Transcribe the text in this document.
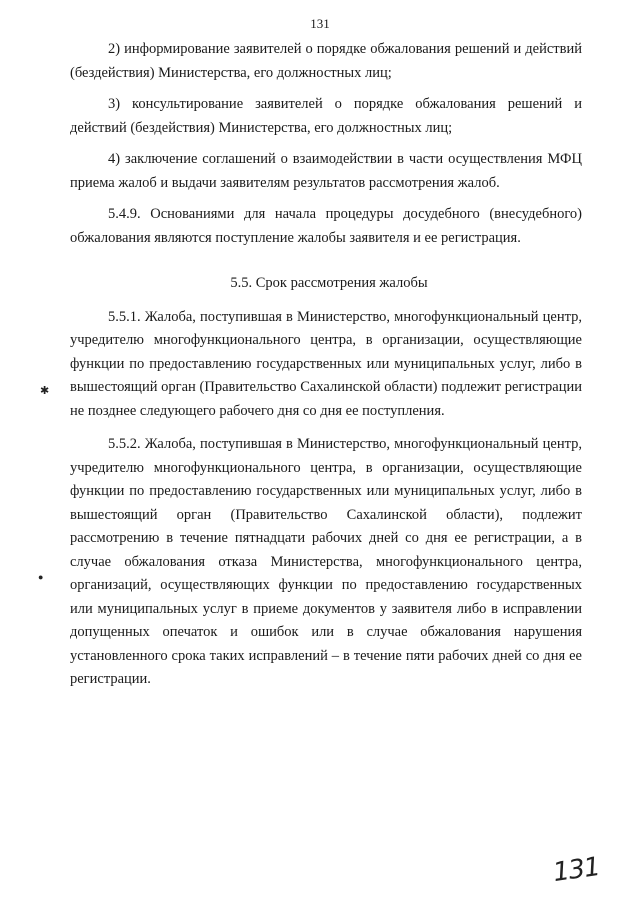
131

2) информирование заявителей о порядке обжалования решений и действий (бездействия) Министерства, его должностных лиц;

3) консультирование заявителей о порядке обжалования решений и действий (бездействия) Министерства, его должностных лиц;

4) заключение соглашений о взаимодействии в части осуществления МФЦ приема жалоб и выдачи заявителям результатов рассмотрения жалоб.

5.4.9. Основаниями для начала процедуры досудебного (внесудебного) обжалования являются поступление жалобы заявителя и ее регистрация.

5.5. Срок рассмотрения жалобы

5.5.1. Жалоба, поступившая в Министерство, многофункциональный центр, учредителю многофункционального центра, в организации, осуществляющие функции по предоставлению государственных или муниципальных услуг, либо в вышестоящий орган (Правительство Сахалинской области) подлежит регистрации не позднее следующего рабочего дня со дня ее поступления.

5.5.2. Жалоба, поступившая в Министерство, многофункциональный центр, учредителю многофункционального центра, в организации, осуществляющие функции по предоставлению государственных или муниципальных услуг, либо в вышестоящий орган (Правительство Сахалинской области), подлежит рассмотрению в течение пятнадцати рабочих дней со дня ее регистрации, а в случае обжалования отказа Министерства, многофункционального центра, организаций, осуществляющих функции по предоставлению государственных или муниципальных услуг в приеме документов у заявителя либо в исправлении допущенных опечаток и ошибок или в случае обжалования нарушения установленного срока таких исправлений – в течение пяти рабочих дней со дня ее регистрации.

✱
●
131
